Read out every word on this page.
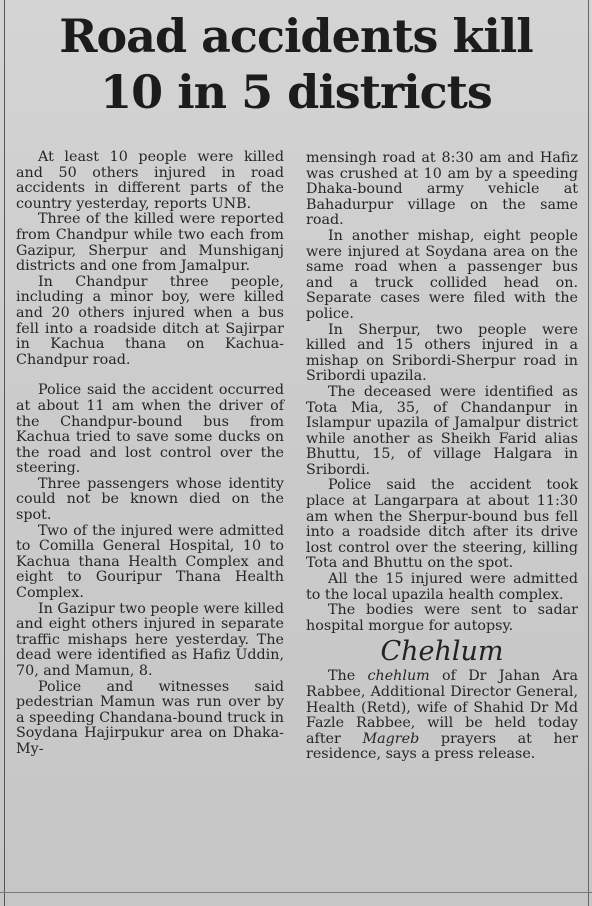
Road accidents kill
10 in 5 districts

At least 10 people were killed and 50 others injured in road accidents in different parts of the country yesterday, reports UNB.

Three of the killed were reported from Chandpur while two each from Gazipur, Sherpur and Munshiganj districts and one from Jamalpur.

In Chandpur three people, including a minor boy, were killed and 20 others injured when a bus fell into a roadside ditch at Sajirpar in Kachua thana on Kachua-Chandpur road.

Police said the accident occurred at about 11 am when the driver of the Chandpur-bound bus from Kachua tried to save some ducks on the road and lost control over the steering.

Three passengers whose identity could not be known died on the spot.

Two of the injured were admitted to Comilla General Hospital, 10 to Kachua thana Health Complex and eight to Gouripur Thana Health Complex.

In Gazipur two people were killed and eight others injured in separate traffic mishaps here yesterday. The dead were identified as Hafiz Uddin, 70, and Mamun, 8.

Police and witnesses said pedestrian Mamun was run over by a speeding Chandana-bound truck in Soydana Hajirpukur area on Dhaka-My-

mensingh road at 8:30 am and Hafiz was crushed at 10 am by a speeding Dhaka-bound army vehicle at Bahadurpur village on the same road.

In another mishap, eight people were injured at Soydana area on the same road when a passenger bus and a truck collided head on. Separate cases were filed with the police.

In Sherpur, two people were killed and 15 others injured in a mishap on Sribordi-Sherpur road in Sribordi upazila.

The deceased were identified as Tota Mia, 35, of Chandanpur in Islampur upazila of Jamalpur district while another as Sheikh Farid alias Bhuttu, 15, of village Halgara in Sribordi.

Police said the accident took place at Langarpara at about 11:30 am when the Sherpur-bound bus fell into a roadside ditch after its drive lost control over the steering, killing Tota and Bhuttu on the spot.

All the 15 injured were admitted to the local upazila health complex.

The bodies were sent to sadar hospital morgue for autopsy.

Chehlum

The chehlum of Dr Jahan Ara Rabbee, Additional Director General, Health (Retd), wife of Shahid Dr Md Fazle Rabbee, will be held today after Magreb prayers at her residence, says a press release.
